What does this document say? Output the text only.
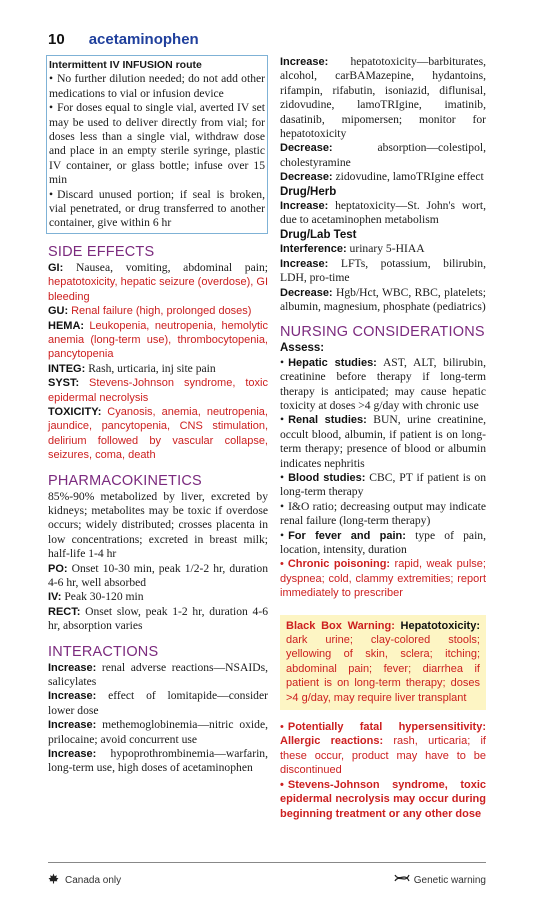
10 acetaminophen
Intermittent IV INFUSION route

• No further dilution needed; do not add other medications to vial or infusion device

• For doses equal to single vial, averted IV set may be used to deliver directly from vial; for doses less than a single vial, withdraw dose and place in an empty sterile syringe, plastic IV container, or glass bottle; infuse over 15 min

• Discard unused portion; if seal is broken, vial penetrated, or drug transferred to another container, give within 6 hr

SIDE EFFECTS

GI: Nausea, vomiting, abdominal pain; hepatotoxicity, hepatic seizure (overdose), GI bleeding

GU: Renal failure (high, prolonged doses)

HEMA: Leukopenia, neutropenia, hemolytic anemia (long-term use), thrombocytopenia, pancytopenia

INTEG: Rash, urticaria, inj site pain

SYST: Stevens-Johnson syndrome, toxic epidermal necrolysis

TOXICITY: Cyanosis, anemia, neutropenia, jaundice, pancytopenia, CNS stimulation, delirium followed by vascular collapse, seizures, coma, death

PHARMACOKINETICS

85%-90% metabolized by liver, excreted by kidneys; metabolites may be toxic if overdose occurs; widely distributed; crosses placenta in low concentrations; excreted in breast milk; half-life 1-4 hr

PO: Onset 10-30 min, peak 1/2-2 hr, duration 4-6 hr, well absorbed

IV: Peak 30-120 min

RECT: Onset slow, peak 1-2 hr, duration 4-6 hr, absorption varies

INTERACTIONS

Increase: renal adverse reactions—NSAIDs, salicylates

Increase: effect of lomitapide—consider lower dose

Increase: methemoglobinemia—nitric oxide, prilocaine; avoid concurrent use

Increase: hypoprothrombinemia—warfarin, long-term use, high doses of acetaminophen

Increase: hepatotoxicity—barbiturates, alcohol, carBAMazepine, hydantoins, rifampin, rifabutin, isoniazid, diflunisal, zidovudine, lamoTRIgine, imatinib, dasatinib, mipomersen; monitor for hepatotoxicity

Decrease:	absorption—colestipol, cholestyramine

Decrease: zidovudine, lamoTRIgine effect

Drug/Herb

Increase: heptatoxicity—St. John's wort, due to acetaminophen metabolism

Drug/Lab Test

Interference: urinary 5-HIAA

Increase: LFTs, potassium, bilirubin, LDH, pro-time

Decrease: Hgb/Hct, WBC, RBC, platelets; albumin, magnesium, phosphate (pediatrics)

NURSING CONSIDERATIONS
Assess:

• Hepatic studies: AST, ALT, bilirubin, creatinine before therapy if long-term therapy is anticipated; may cause hepatic toxicity at doses >4 g/day with chronic use

• Renal studies: BUN, urine creatinine, occult blood, albumin, if patient is on long-term therapy; presence of blood or albumin indicates nephritis

• Blood studies: CBC, PT if patient is on long-term therapy

• I&O ratio; decreasing output may indicate renal failure (long-term therapy)

• For fever and pain: type of pain, location, intensity, duration

• Chronic poisoning: rapid, weak pulse; dyspnea; cold, clammy extremities; report immediately to prescriber

Black Box Warning: Hepatotoxicity: dark urine; clay-colored stools; yellowing of skin, sclera; itching; abdominal pain; fever; diarrhea if patient is on long-term therapy; doses >4 g/day, may require liver transplant

• Potentially fatal hypersensitivity: Allergic reactions: rash, urticaria; if these occur, product may have to be discontinued

• Stevens-Johnson syndrome, toxic epidermal necrolysis may occur during beginning treatment or any other dose

Canada only	Genetic warning
